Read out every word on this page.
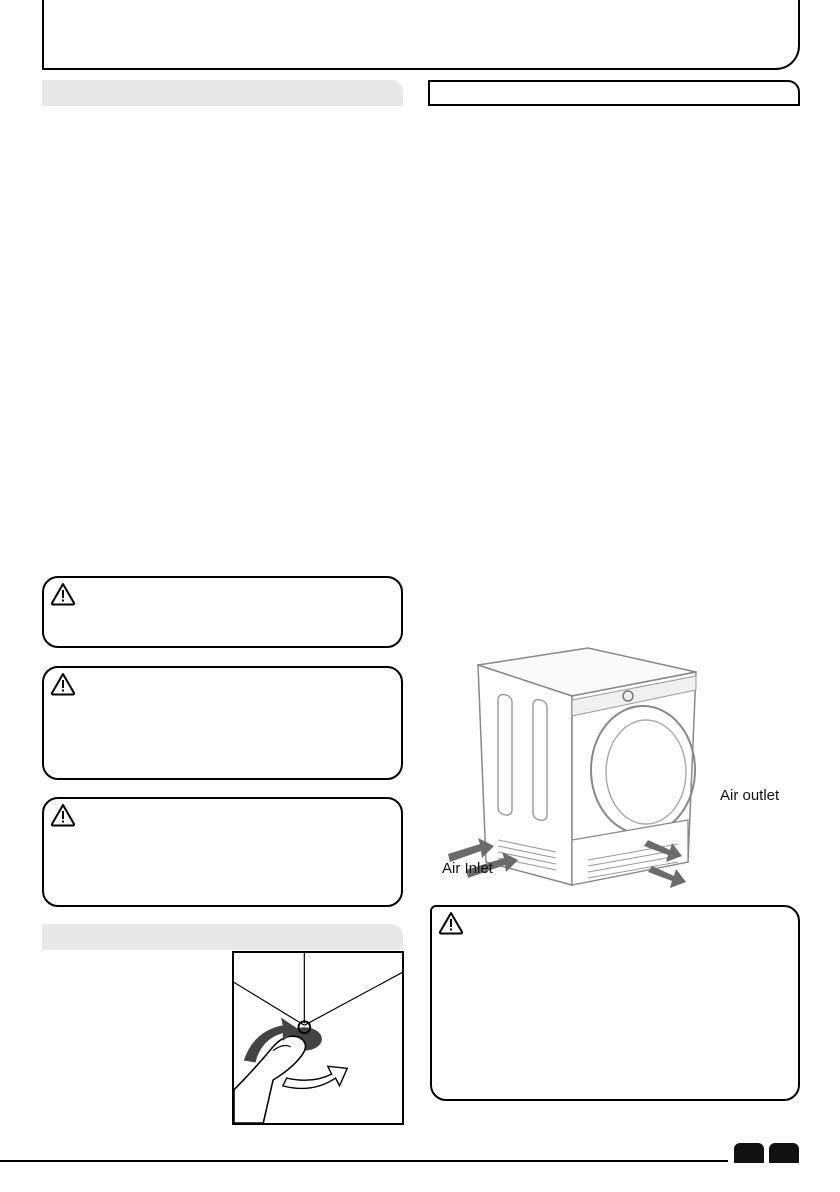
Air Inlet
Air outlet
